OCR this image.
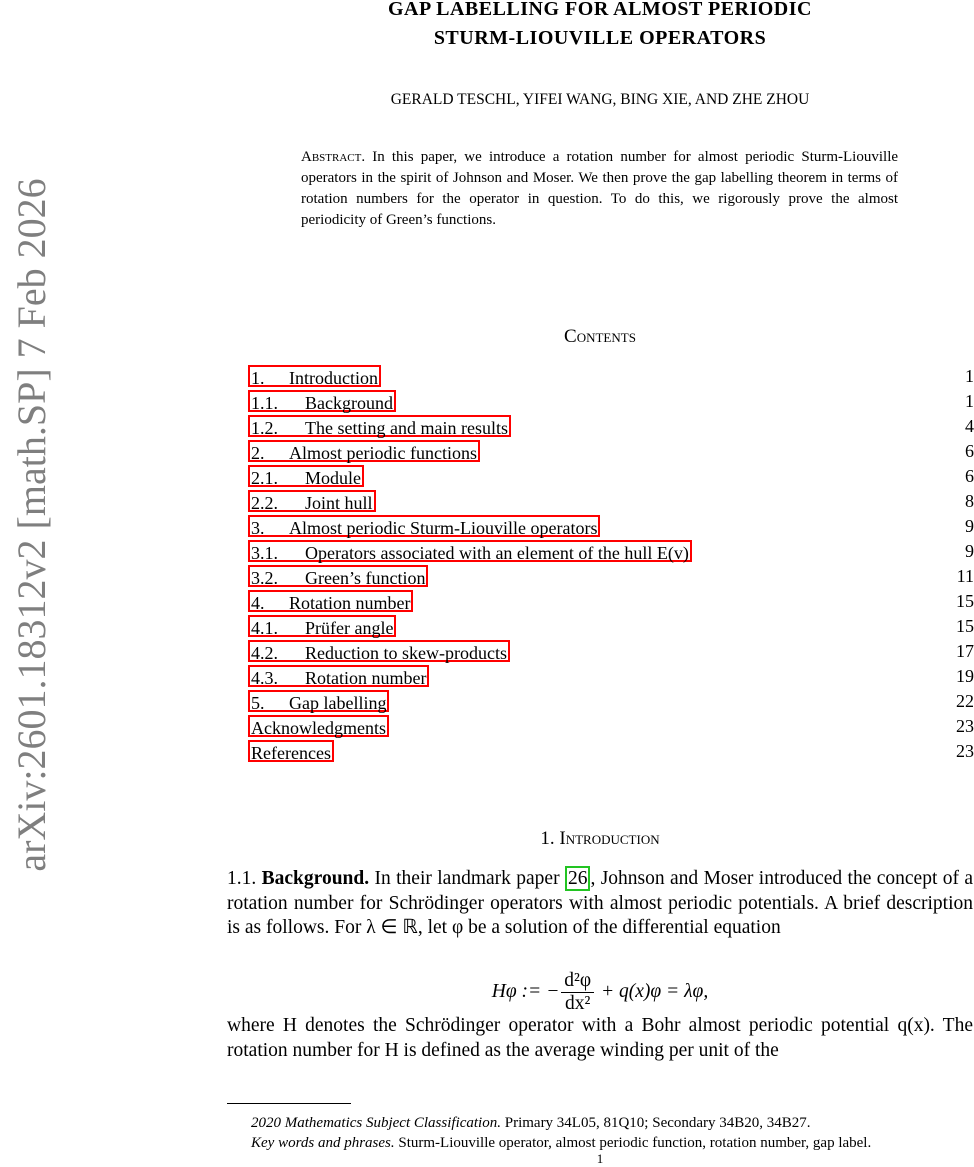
arXiv:2601.18312v2 [math.SP] 7 Feb 2026
GAP LABELLING FOR ALMOST PERIODIC
STURM-LIOUVILLE OPERATORS
GERALD TESCHL, YIFEI WANG, BING XIE, AND ZHE ZHOU
Abstract. In this paper, we introduce a rotation number for almost periodic Sturm-Liouville operators in the spirit of Johnson and Moser. We then prove the gap labelling theorem in terms of rotation numbers for the operator in question. To do this, we rigorously prove the almost periodicity of Green’s functions.
Contents
1. Introduction	1
1.1. Background	1
1.2. The setting and main results	4
2. Almost periodic functions	6
2.1. Module	6
2.2. Joint hull	8
3. Almost periodic Sturm-Liouville operators	9
3.1. Operators associated with an element of the hull E(v)	9
3.2. Green’s function	11
4. Rotation number	15
4.1. Prüfer angle	15
4.2. Reduction to skew-products	17
4.3. Rotation number	19
5. Gap labelling	22
Acknowledgments	23
References	23
1. Introduction
1.1. Background. In their landmark paper 26 , Johnson and Moser introduced the concept of a rotation number for Schrödinger operators with almost periodic potentials. A brief description is as follows. For λ ∈ ℝ, let φ be a solution of the differential equation
Hφ := − $\frac{\text{d²φ}}{\text{dx²}} + q(x)\varphi = \lambda\varphi$,
where H denotes the Schrödinger operator with a Bohr almost periodic potential q(x). The rotation number for H is defined as the average winding per unit of the
2020 Mathematics Subject Classification. Primary 34L05, 81Q10; Secondary 34B20, 34B27.
Key words and phrases. Sturm-Liouville operator, almost periodic function, rotation number, gap label.
1
